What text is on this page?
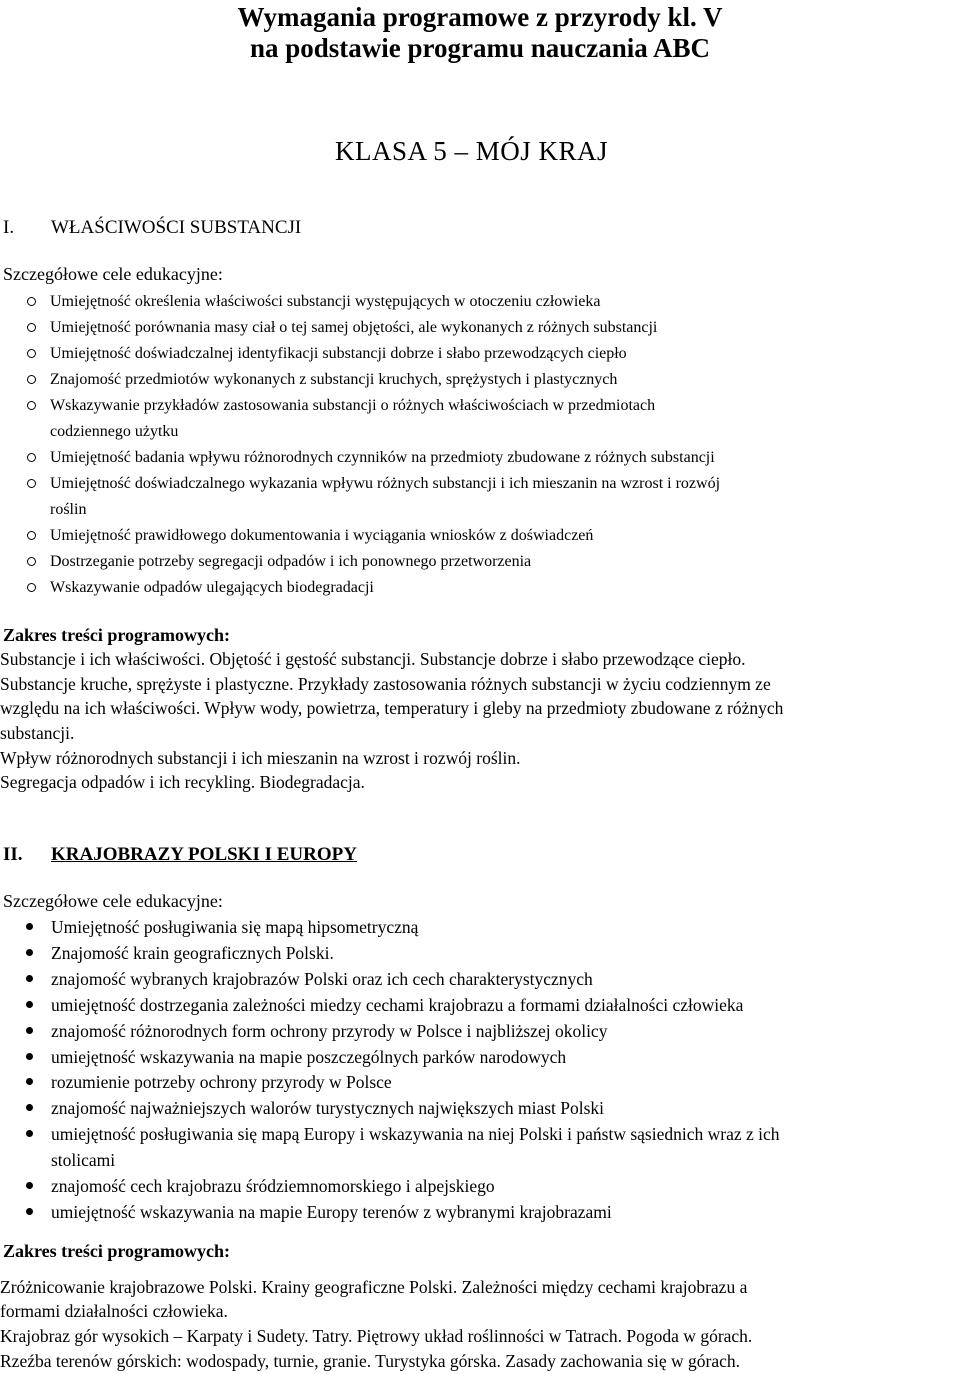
Wymagania programowe z przyrody kl. V
na podstawie programu nauczania ABC
KLASA 5 – MÓJ KRAJ
I. WŁAŚCIWOŚCI SUBSTANCJI
Szczegółowe cele edukacyjne:
Umiejętność określenia właściwości substancji występujących w otoczeniu człowieka
Umiejętność porównania masy ciał o tej samej objętości, ale wykonanych z różnych substancji
Umiejętność doświadczalnej identyfikacji substancji dobrze i słabo przewodzących ciepło
Znajomość przedmiotów wykonanych z substancji kruchych, sprężystych i plastycznych
Wskazywanie przykładów zastosowania substancji o różnych właściwościach w przedmiotach
codziennego użytku
Umiejętność badania wpływu różnorodnych czynników na przedmioty zbudowane z różnych substancji
Umiejętność doświadczalnego wykazania wpływu różnych substancji i ich mieszanin na wzrost i rozwój
roślin
Umiejętność prawidłowego dokumentowania i wyciągania wniosków z doświadczeń
Dostrzeganie potrzeby segregacji odpadów i ich ponownego przetworzenia
Wskazywanie odpadów ulegających biodegradacji
Zakres treści programowych:
Substancje i ich właściwości. Objętość i gęstość substancji. Substancje dobrze i słabo przewodzące ciepło.
Substancje kruche, sprężyste i plastyczne. Przykłady zastosowania różnych substancji w życiu codziennym ze
względu na ich właściwości. Wpływ wody, powietrza, temperatury i gleby na przedmioty zbudowane z różnych
substancji.
Wpływ różnorodnych substancji i ich mieszanin na wzrost i rozwój roślin.
Segregacja odpadów i ich recykling. Biodegradacja.
II. KRAJOBRAZY POLSKI I EUROPY
Szczegółowe cele edukacyjne:
Umiejętność posługiwania się mapą hipsometryczną
Znajomość krain geograficznych Polski.
znajomość wybranych krajobrazów Polski oraz ich cech charakterystycznych
umiejętność dostrzegania zależności miedzy cechami krajobrazu a formami działalności człowieka
znajomość różnorodnych form ochrony przyrody w Polsce i najbliższej okolicy
umiejętność wskazywania na mapie poszczególnych parków narodowych
rozumienie potrzeby ochrony przyrody w Polsce
znajomość najważniejszych walorów turystycznych największych miast Polski
umiejętność posługiwania się mapą Europy i wskazywania na niej Polski i państw sąsiednich wraz z ich
stolicami
znajomość cech krajobrazu śródziemnomorskiego i alpejskiego
umiejętność wskazywania na mapie Europy terenów z wybranymi krajobrazami
Zakres treści programowych:
Zróżnicowanie krajobrazowe Polski. Krainy geograficzne Polski. Zależności między cechami krajobrazu a
formami działalności człowieka.
Krajobraz gór wysokich – Karpaty i Sudety. Tatry. Piętrowy układ roślinności w Tatrach. Pogoda w górach.
Rzeźba terenów górskich: wodospady, turnie, granie. Turystyka górska. Zasady zachowania się w górach.
